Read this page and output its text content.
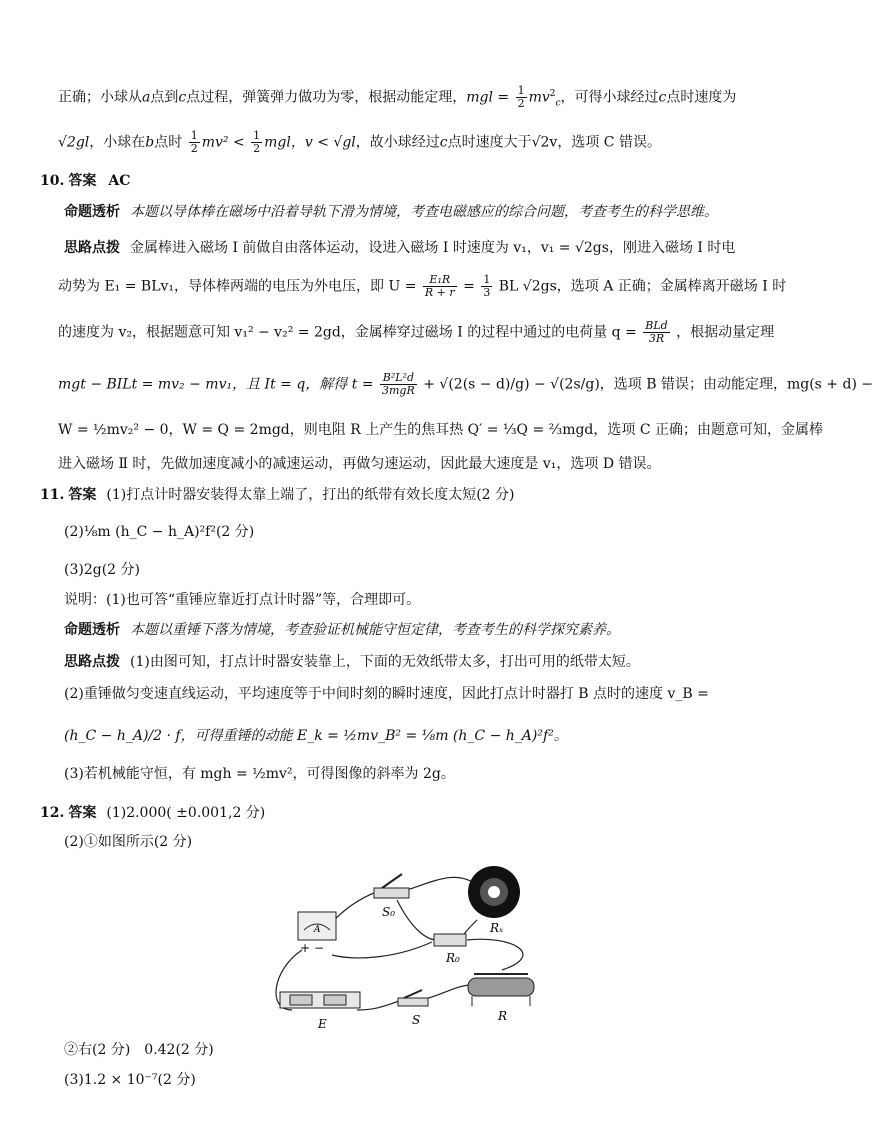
正确；小球从a点到c点过程，弹簧弹力做功为零，根据动能定理，mgl = $\frac{1}{2} mv^2_c$，可得小球经过c点时速度为
√2gl，小球在b点时 $\frac{1}{2} mv^2 < \frac{1}{2}$ mgl，v < √gl，故小球经过c点时速度大于√2v，选项 C 错误。
10. 答案 AC
命题透析 本题以导体棒在磁场中沿着导轨下滑为情境，考查电磁感应的综合问题，考查考生的科学思维。
思路点拨 金属棒进入磁场 Ⅰ 前做自由落体运动，设进入磁场 Ⅰ 时速度为 v₁，v₁ = √2gs，刚进入磁场 Ⅰ 时电
动势为 E₁ = BLv₁，导体棒两端的电压为外电压，即 $U = \frac{\text{E₁R}}{R + r} = \frac{1}{3}$ BL √2gs，选项 A 正确；金属棒离开磁场 Ⅰ 时
的速度为 v₂，根据题意可知 v₁² − v₂² = 2gd，金属棒穿过磁场 Ⅰ 的过程中通过的电荷量 $q = \frac{\text{BLd}}{3R}$ ，根据动量定理
mgt − BILt = mv₂ − mv₁，且 It = q，解得 $t = \frac{\text{B²L²d}}{\text{3mgR}} + √(2(s - d)/g) - √(2s/g)$，选项 B 错误；由动能定理，mg(s + d) −
W = ½mv₂² − 0，W = Q = 2mgd，则电阻 R 上产生的焦耳热 Q′ = ⅓Q = ⅔mgd，选项 C 正确；由题意可知，金属棒
进入磁场 Ⅱ 时，先做加速度减小的减速运动，再做匀速运动，因此最大速度是 v₁，选项 D 错误。
11. 答案 (1)打点计时器安装得太靠上端了，打出的纸带有效长度太短(2 分)
(2)⅛m (h_C − h_A)²f²(2 分)
(3)2g(2 分)
说明：(1)也可答“重锤应靠近打点计时器”等，合理即可。
命题透析 本题以重锤下落为情境，考查验证机械能守恒定律，考查考生的科学探究素养。
思路点拨 (1)由图可知，打点计时器安装靠上，下面的无效纸带太多，打出可用的纸带太短。
(2)重锤做匀变速直线运动，平均速度等于中间时刻的瞬时速度，因此打点计时器打 B 点时的速度 v_B =
(h_C − h_A)/2 · f，可得重锤的动能 E_k = ½mv_B² = ⅛m (h_C − h_A)²f²。
(3)若机械能守恒，有 mgh = ½mv²，可得图像的斜率为 2g。
12. 答案 (1)2.000( ±0.001,2 分)
(2)①如图所示(2 分)
S₀
Rₓ
R₀
A
+ −
E	S	R
②右(2 分)　0.42(2 分)
(3)1.2 × 10⁻⁷(2 分)
